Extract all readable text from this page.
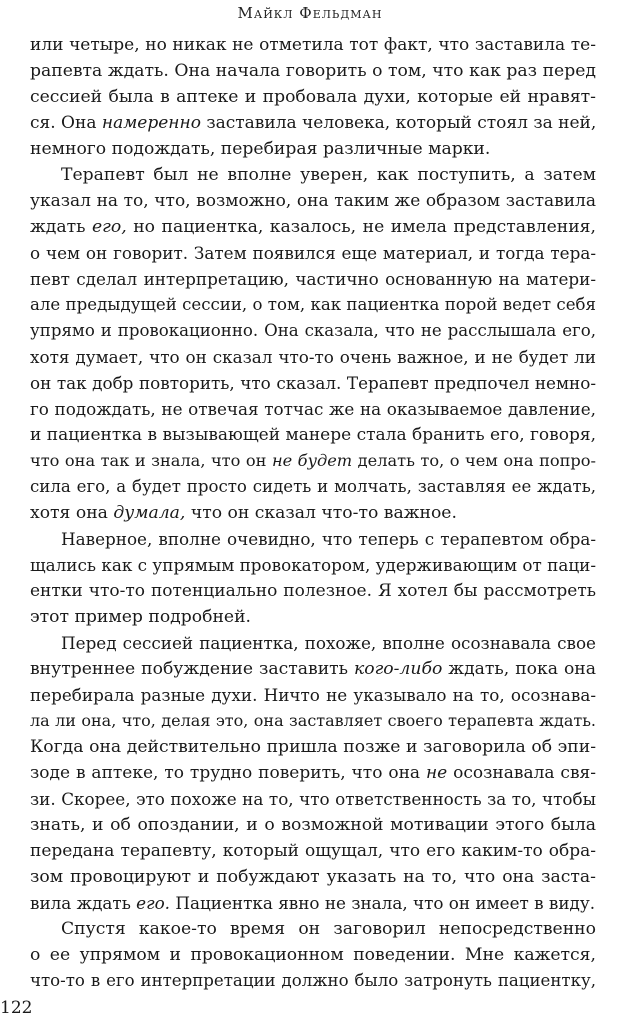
Майкл Фельдман
или четыре, но никак не отметила тот факт, что заставила те-
рапевта ждать. Она начала говорить о том, что как раз перед
сессией была в аптеке и пробовала духи, которые ей нравят-
ся. Она намеренно заставила человека, который стоял за ней,
немного подождать, перебирая различные марки.
Терапевт был не вполне уверен, как поступить, а затем
указал на то, что, возможно, она таким же образом заставила
ждать его, но пациентка, казалось, не имела представления,
о чем он говорит. Затем появился еще материал, и тогда тера-
певт сделал интерпретацию, частично основанную на матери-
але предыдущей сессии, о том, как пациентка порой ведет себя
упрямо и провокационно. Она сказала, что не расслышала его,
хотя думает, что он сказал что-то очень важное, и не будет ли
он так добр повторить, что сказал. Терапевт предпочел немно-
го подождать, не отвечая тотчас же на оказываемое давление,
и пациентка в вызывающей манере стала бранить его, говоря,
что она так и знала, что он не будет делать то, о чем она попро-
сила его, а будет просто сидеть и молчать, заставляя ее ждать,
хотя она думала, что он сказал что-то важное.
Наверное, вполне очевидно, что теперь с терапевтом обра-
щались как с упрямым провокатором, удерживающим от паци-
ентки что-то потенциально полезное. Я хотел бы рассмотреть
этот пример подробней.
Перед сессией пациентка, похоже, вполне осознавала свое
внутреннее побуждение заставить кого-либо ждать, пока она
перебирала разные духи. Ничто не указывало на то, осознава-
ла ли она, что, делая это, она заставляет своего терапевта ждать.
Когда она действительно пришла позже и заговорила об эпи-
зоде в аптеке, то трудно поверить, что она не осознавала свя-
зи. Скорее, это похоже на то, что ответственность за то, чтобы
знать, и об опоздании, и о возможной мотивации этого была
передана терапевту, который ощущал, что его каким-то обра-
зом провоцируют и побуждают указать на то, что она заста-
вила ждать его. Пациентка явно не знала, что он имеет в виду.
Спустя какое-то время он заговорил непосредственно
о ее упрямом и провокационном поведении. Мне кажется,
что-то в его интерпретации должно было затронуть пациентку,
122
